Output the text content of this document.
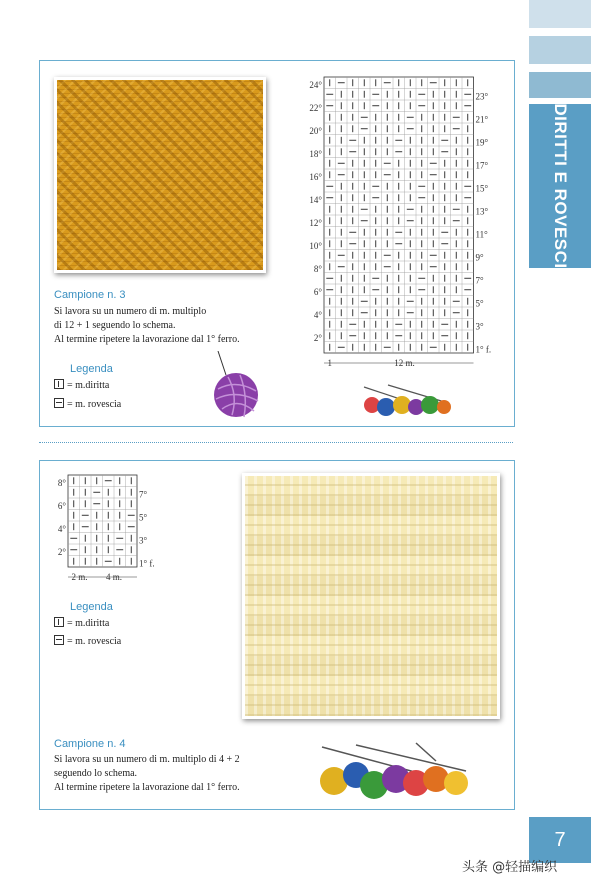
DIRITTI E ROVESCI
7
Campione n. 3
Si lavora su un numero di m. multiplo
di 12 + 1 seguendo lo schema.
Al termine ripetere la lavorazione dal 1° ferro.
Legenda
= m.diritta
= m. rovescia
24°
22°
20°
18°
16°
14°
12°
10°
8°
6°
4°
2°
23°
21°
19°
17°
15°
13°
11°
9°
7°
5°
3°
1° f.
1	12 m.
8°
6°
4°
2°
7°
5°
3°
1° f.
2 m. 4 m.
Legenda
= m.diritta
= m. rovescia
Campione n. 4
Si lavora su un numero di m. multiplo di 4 + 2
seguendo lo schema.
Al termine ripetere la lavorazione dal 1° ferro.
头条 @轻描编织
